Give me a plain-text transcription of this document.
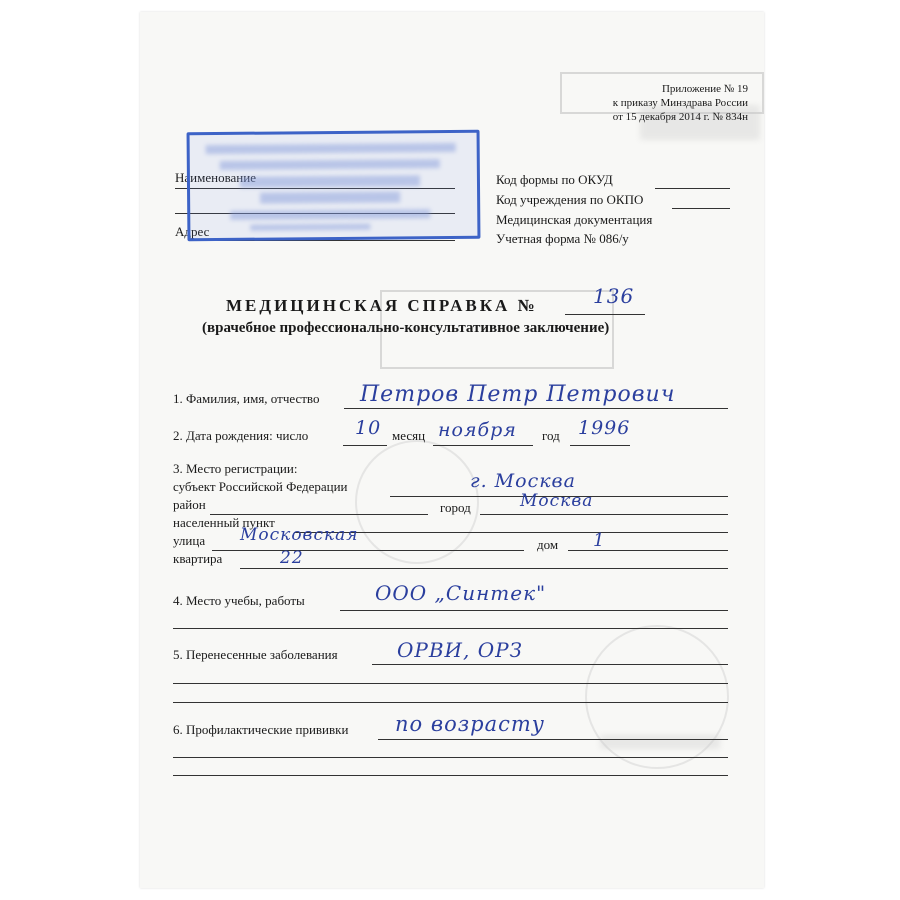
Приложение № 19
к приказу Минздрава России
от 15 декабря 2014 г. № 834н
Наименование
Адрес
Код формы по ОКУД
Код учреждения по ОКПО
Медицинская документация
Учетная форма № 086/у
МЕДИЦИНСКАЯ СПРАВКА №	136
(врачебное профессионально-консультативное заключение)
1. Фамилия, имя, отчество Петров Петр Петрович
2. Дата рождения: число 10 месяц ноября год 1996
3. Место регистрации:
субъект Российской Федерации	г. Москва
район	город	Москва
населенный пункт
улица Московская	дом 1
квартира	22
4. Место учебы, работы	ООО „Синтек"
5. Перенесенные заболевания	ОРВИ, ОРЗ
6. Профилактические прививки по возрасту
